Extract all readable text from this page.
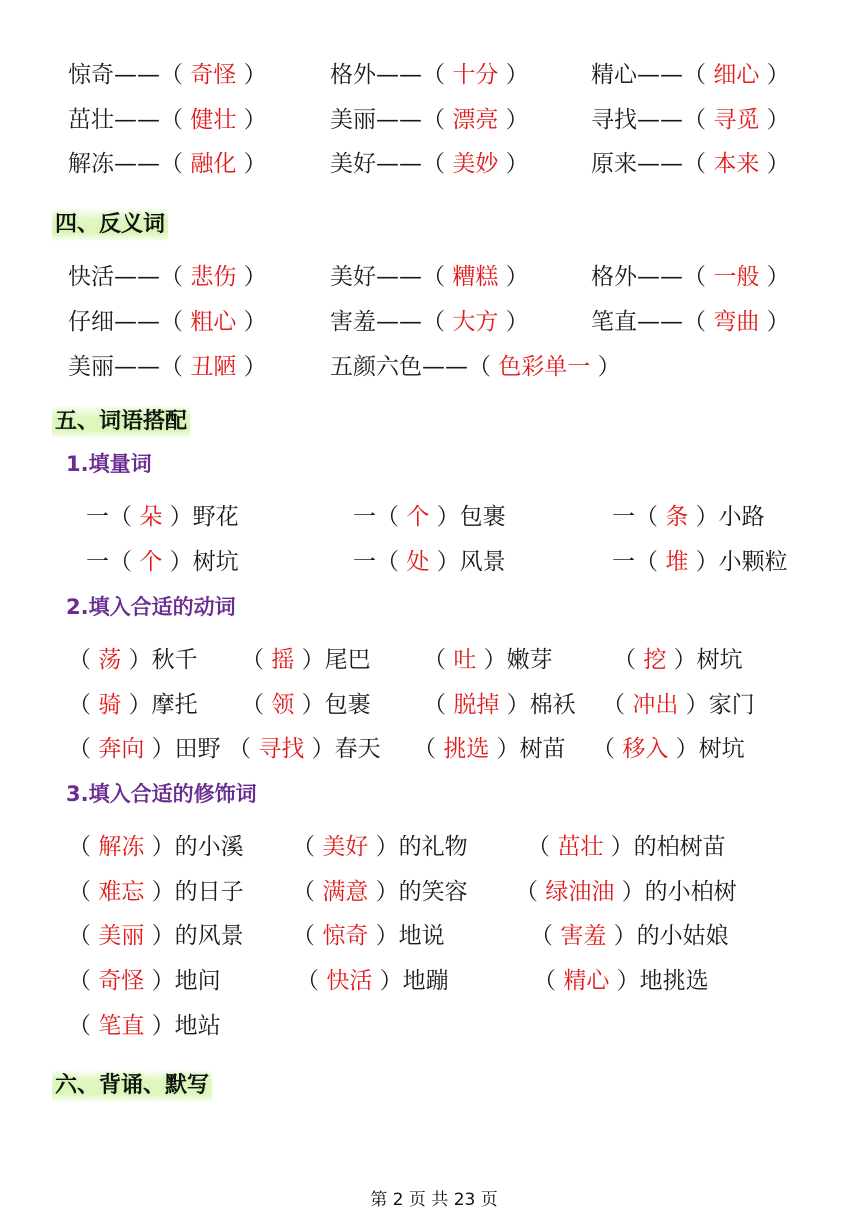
惊奇——（ 奇怪 ）	格外——（ 十分 ）	精心——（ 细心 ）
茁壮——（ 健壮 ）	美丽——（ 漂亮 ）	寻找——（ 寻觅 ）
解冻——（ 融化 ）	美好——（ 美妙 ）	原来——（ 本来 ）
四、反义词
快活——（ 悲伤 ）	美好——（ 糟糕 ）	格外——（ 一般 ）
仔细——（ 粗心 ）	害羞——（ 大方 ）	笔直——（ 弯曲 ）
美丽——（ 丑陋 ）	五颜六色——（ 色彩单一 ）
五、词语搭配
1.填量词
一（ 朵 ）野花	一（ 个 ）包裹	一（ 条 ）小路
一（ 个 ）树坑	一（ 处 ）风景	一（ 堆 ）小颗粒
2.填入合适的动词
（ 荡 ）秋千 （ 摇 ）尾巴 （ 吐 ）嫩芽	（ 挖 ）树坑
（ 骑 ）摩托 （ 领 ）包裹 （ 脱掉 ）棉袄 （ 冲出 ）家门
（ 奔向 ）田野 （ 寻找 ）春天 （ 挑选 ）树苗 （ 移入 ）树坑
3.填入合适的修饰词
（ 解冻 ）的小溪 （ 美好 ）的礼物	（ 茁壮 ）的柏树苗
（ 难忘 ）的日子 （ 满意 ）的笑容 （ 绿油油 ）的小柏树
（ 美丽 ）的风景 （ 惊奇 ）地说	（ 害羞 ）的小姑娘
（ 奇怪 ）地问	（ 快活 ）地蹦	（ 精心 ）地挑选
（ 笔直 ）地站
六、背诵、默写
第 2 页 共 23 页
